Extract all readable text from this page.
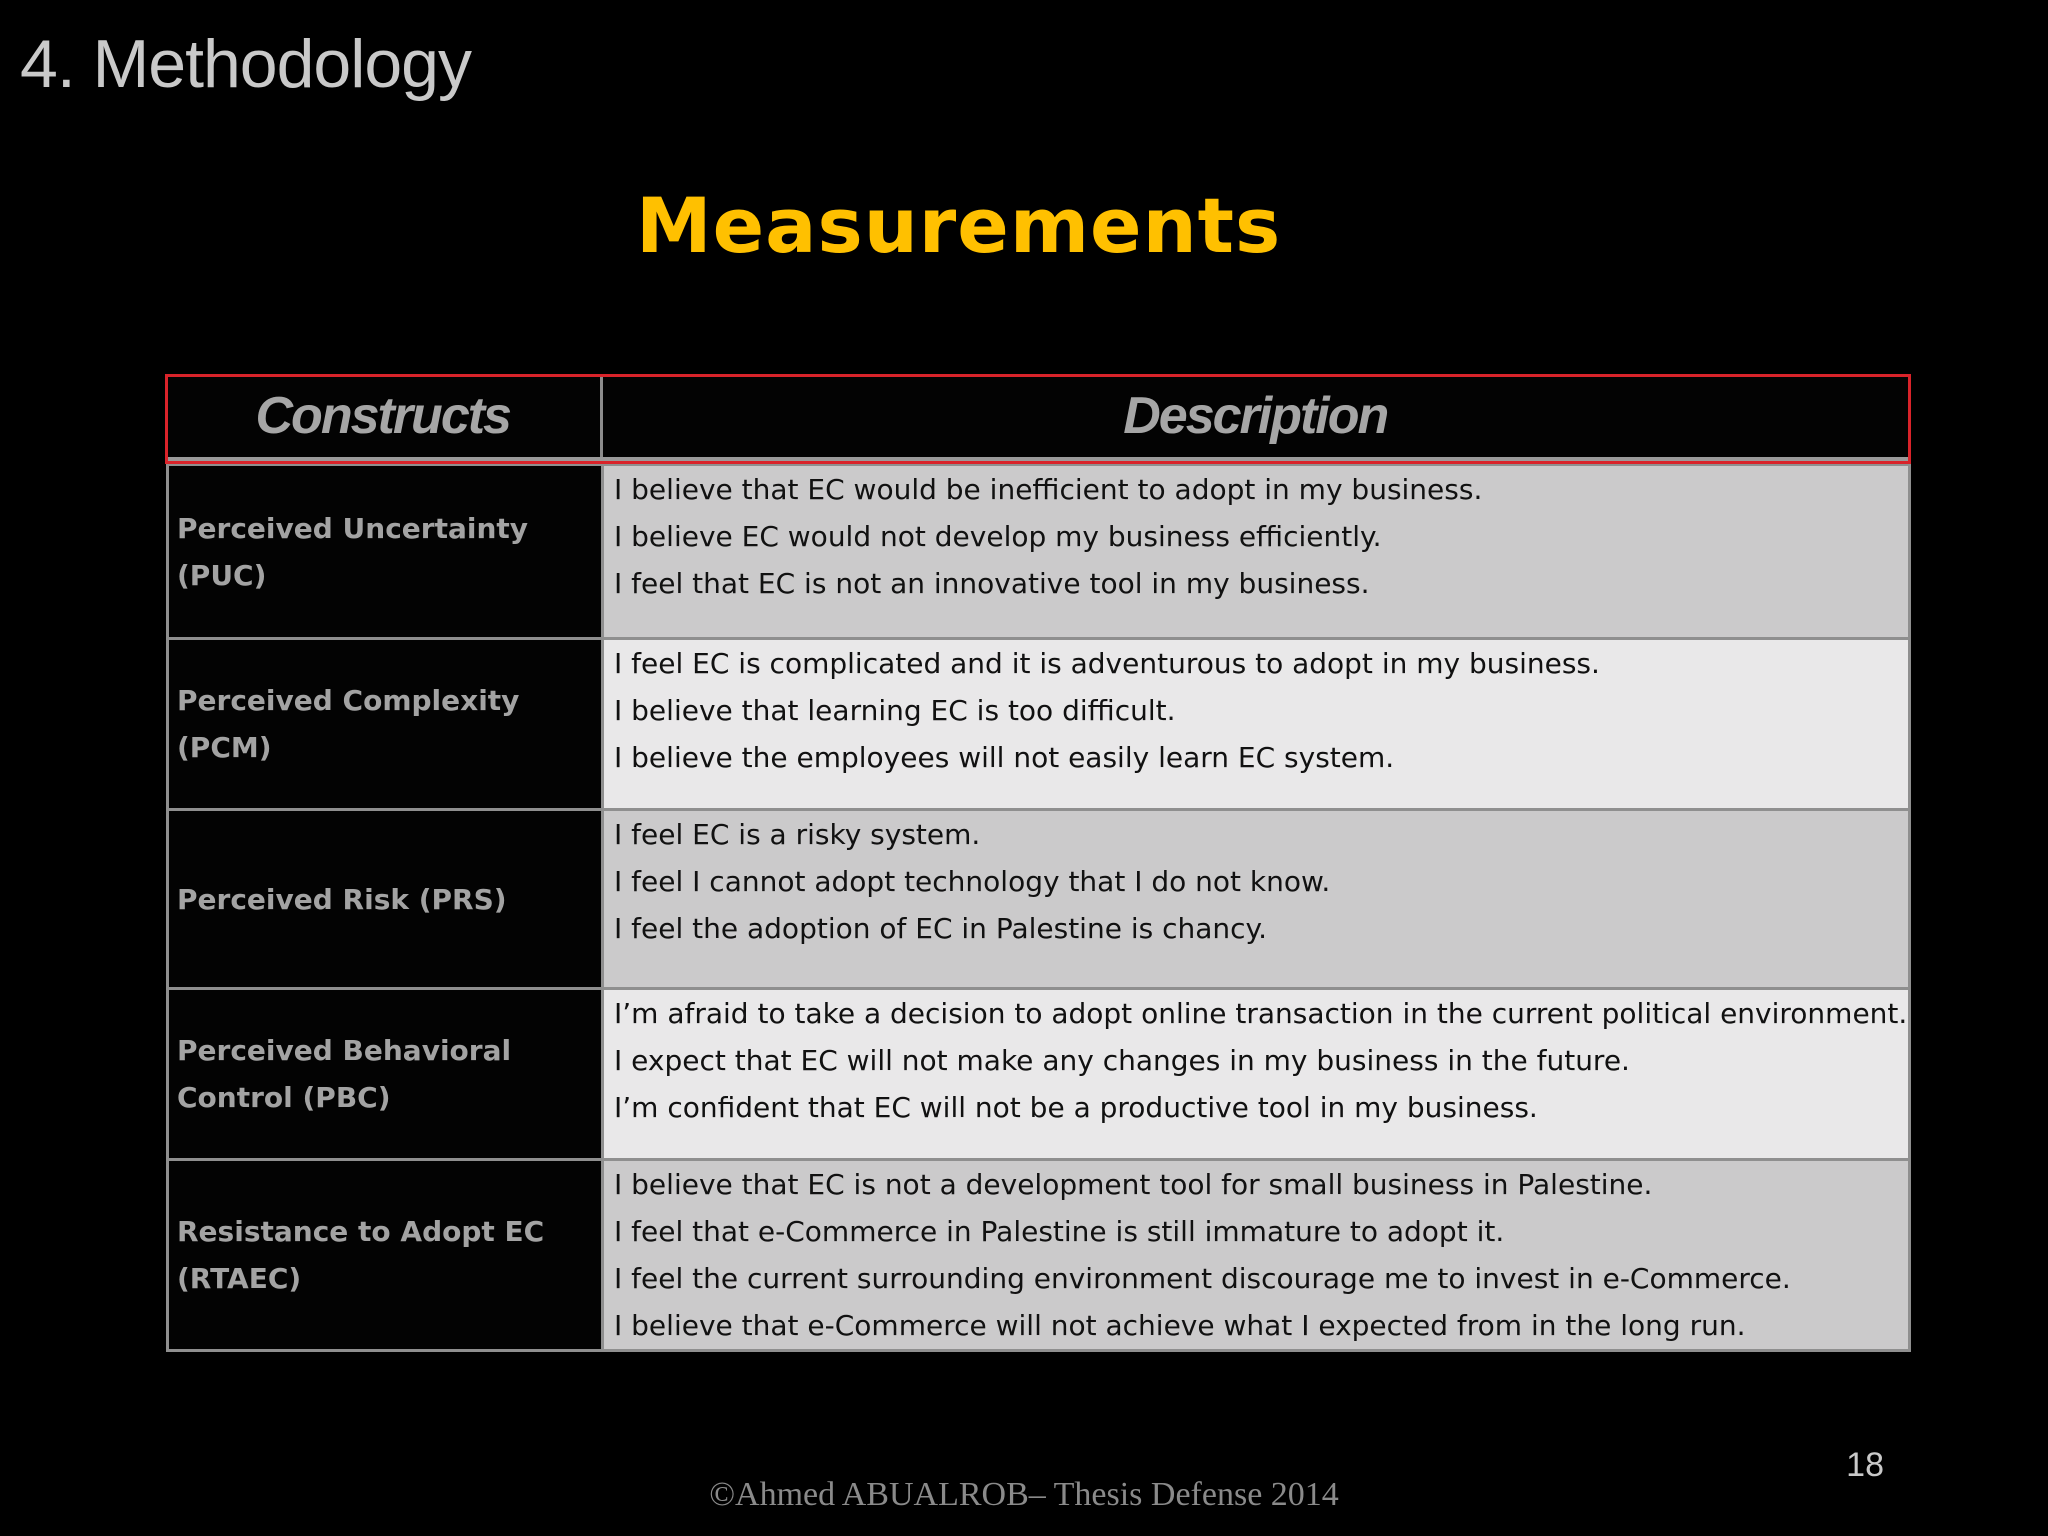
4. Methodology
Measurements
Constructs	Description
Perceived Uncertainty (PUC)	I believe that EC would be inefficient to adopt in my business.
I believe EC would not develop my business efficiently.
I feel that EC is not an innovative tool in my business.

Perceived Complexity (PCM)	I feel EC is complicated and it is adventurous to adopt in my business.
I believe that learning EC is too difficult.
I believe the employees will not easily learn EC system.

Perceived Risk (PRS)	I feel EC is a risky system.
I feel I cannot adopt technology that I do not know.
I feel the adoption of EC in Palestine is chancy.

Perceived Behavioral Control (PBC)	I’m afraid to take a decision to adopt online transaction in the current political environment.
I expect that EC will not make any changes in my business in the future.
I’m confident that EC will not be a productive tool in my business.

Resistance to Adopt EC (RTAEC)	I believe that EC is not a development tool for small business in Palestine.
I feel that e-Commerce in Palestine is still immature to adopt it.
I feel the current surrounding environment discourage me to invest in e-Commerce.
I believe that e-Commerce will not achieve what I expected from in the long run.
18
©Ahmed ABUALROB– Thesis Defense 2014
